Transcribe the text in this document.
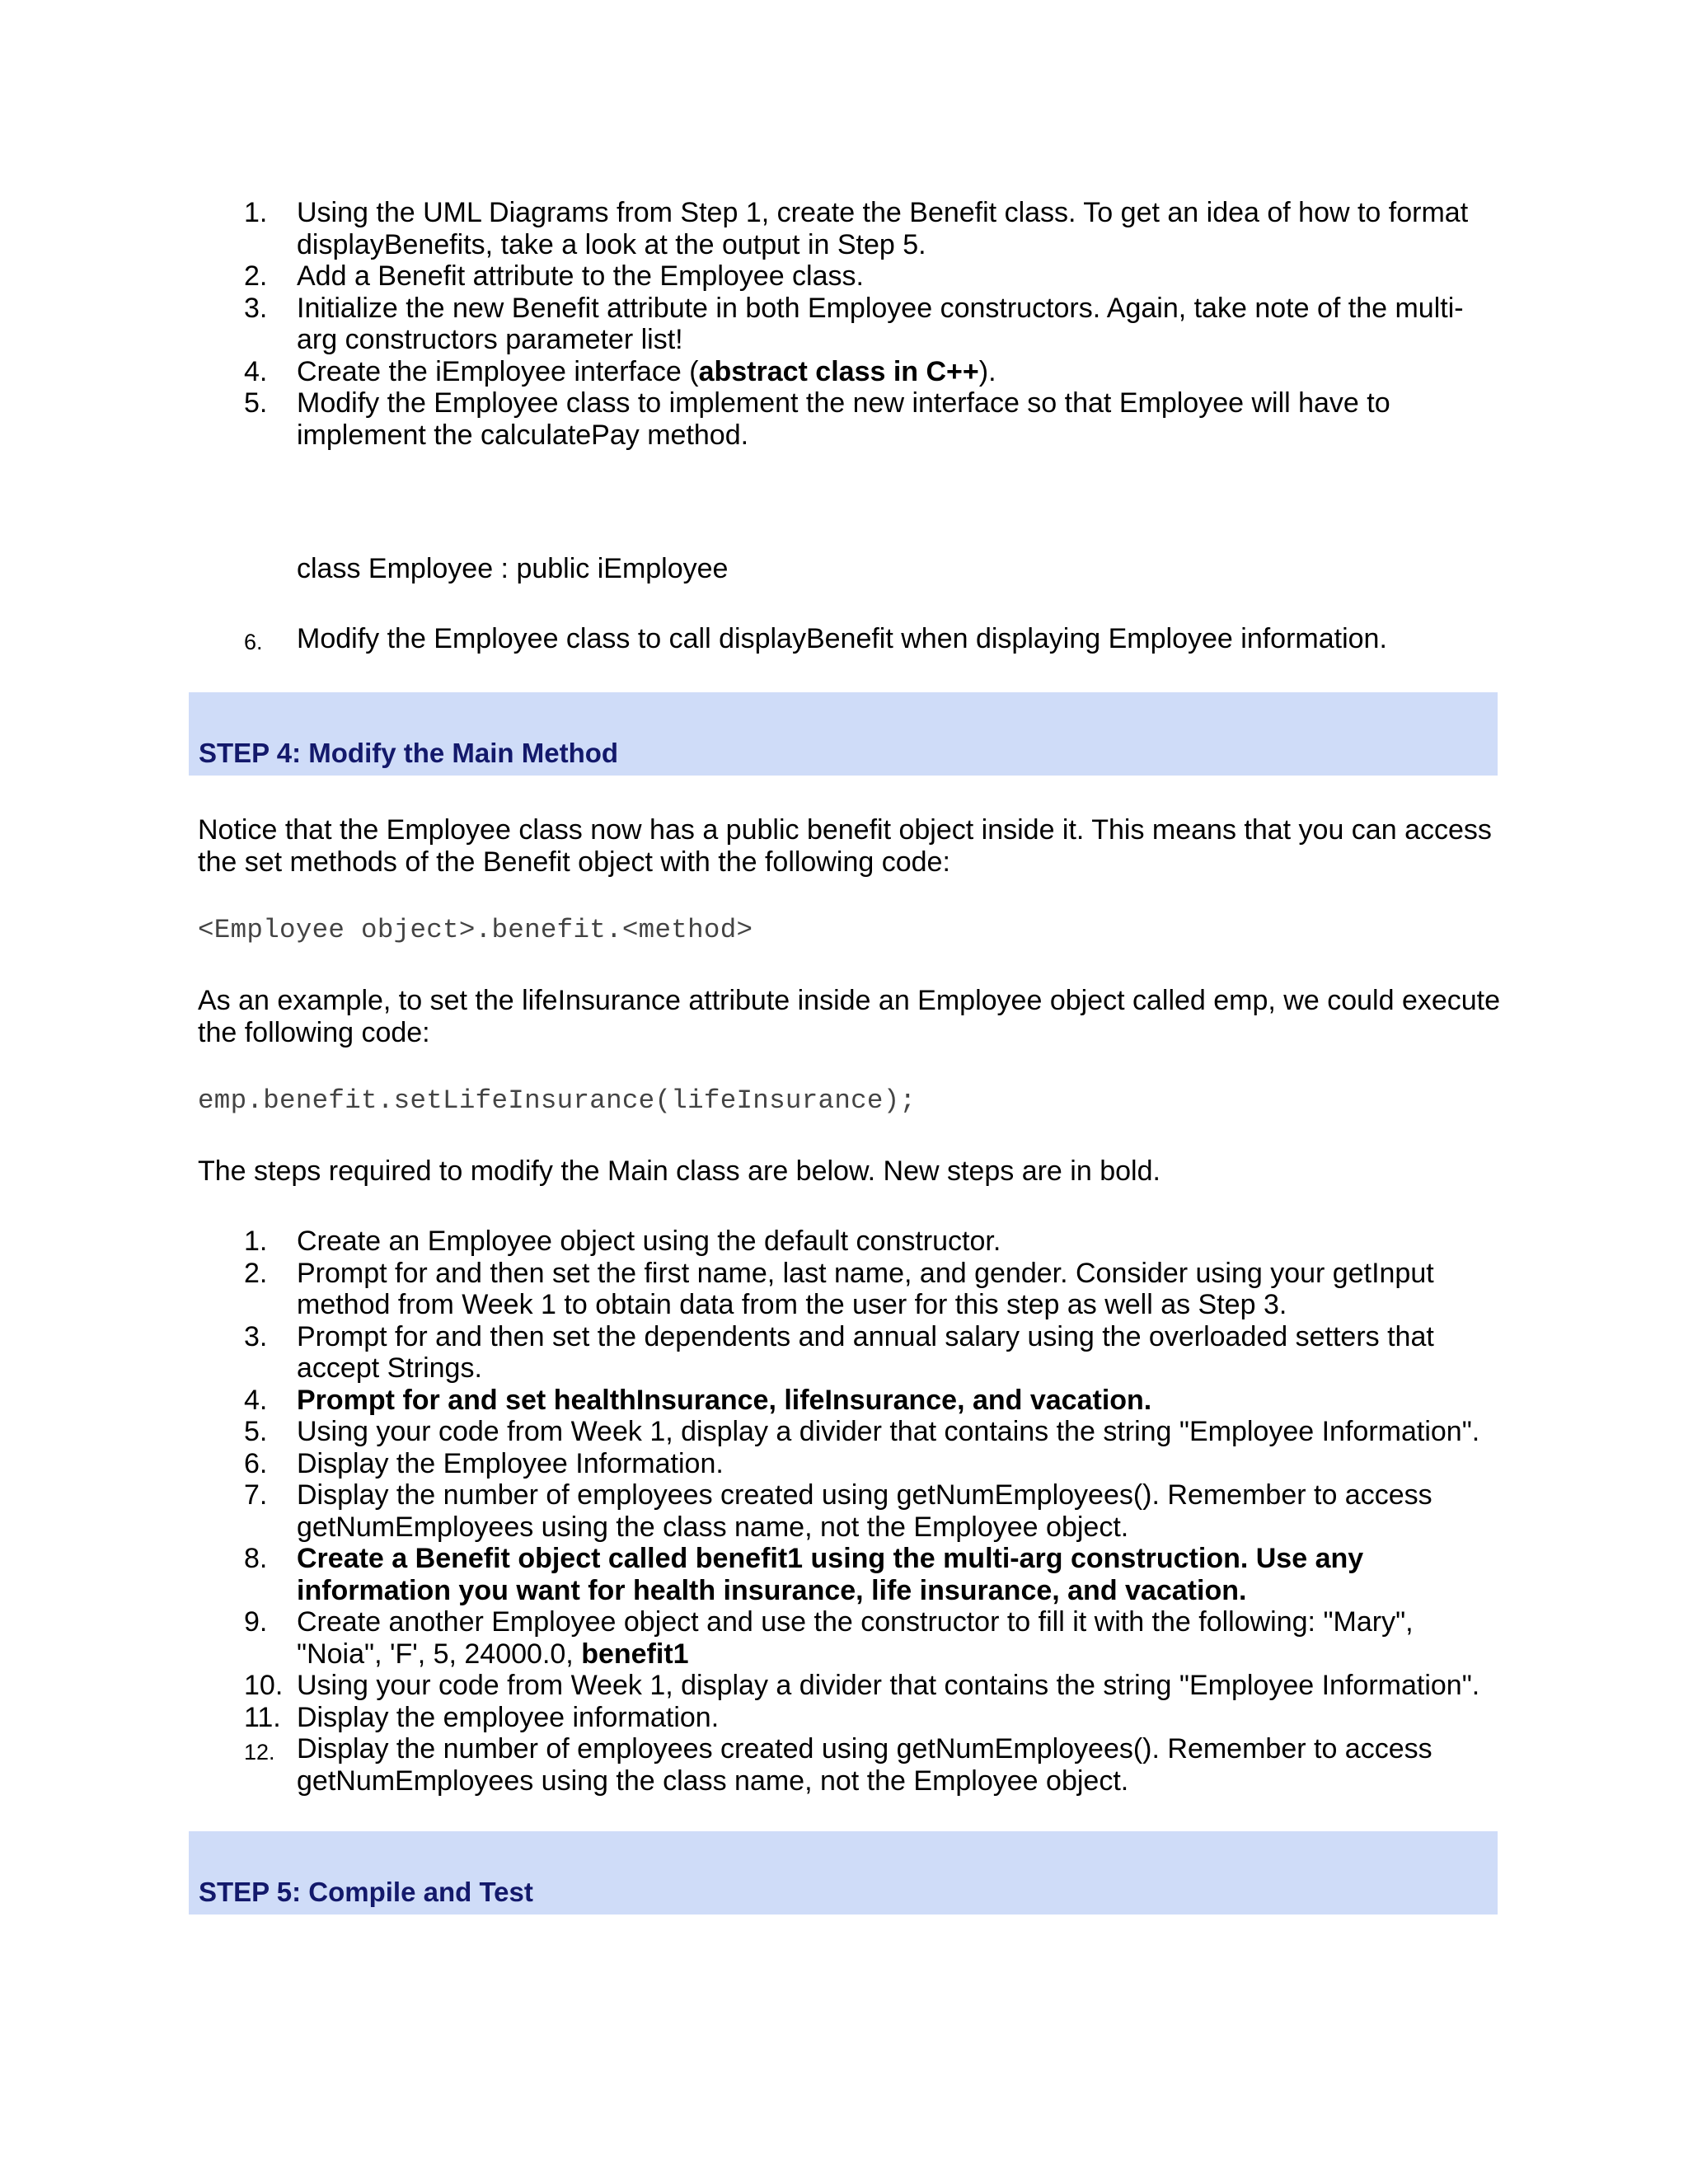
1.	Using the UML Diagrams from Step 1, create the Benefit class. To get an idea of how to format displayBenefits, take a look at the output in Step 5.
2.	Add a Benefit attribute to the Employee class.
3.	Initialize the new Benefit attribute in both Employee constructors. Again, take note of the multi-arg constructors parameter list!
4.	Create the iEmployee interface (abstract class in C++).
5.	Modify the Employee class to implement the new interface so that Employee will have to implement the calculatePay method.
class Employee : public iEmployee
6.	Modify the Employee class to call displayBenefit when displaying Employee information.
STEP 4: Modify the Main Method
Notice that the Employee class now has a public benefit object inside it. This means that you can access the set methods of the Benefit object with the following code:
<Employee object>.benefit.<method>
As an example, to set the lifeInsurance attribute inside an Employee object called emp, we could execute the following code:
emp.benefit.setLifeInsurance(lifeInsurance);
The steps required to modify the Main class are below. New steps are in bold.
1.	Create an Employee object using the default constructor.
2.	Prompt for and then set the first name, last name, and gender. Consider using your getInput method from Week 1 to obtain data from the user for this step as well as Step 3.
3.	Prompt for and then set the dependents and annual salary using the overloaded setters that accept Strings.
4.	Prompt for and set healthInsurance, lifeInsurance, and vacation.
5.	Using your code from Week 1, display a divider that contains the string "Employee Information".
6.	Display the Employee Information.
7.	Display the number of employees created using getNumEmployees(). Remember to access getNumEmployees using the class name, not the Employee object.
8.	Create a Benefit object called benefit1 using the multi-arg construction. Use any information you want for health insurance, life insurance, and vacation.
9.	Create another Employee object and use the constructor to fill it with the following: "Mary", "Noia", 'F', 5, 24000.0, benefit1
10. Using your code from Week 1, display a divider that contains the string "Employee Information".
11. Display the employee information.
12. Display the number of employees created using getNumEmployees(). Remember to access getNumEmployees using the class name, not the Employee object.
STEP 5: Compile and Test
